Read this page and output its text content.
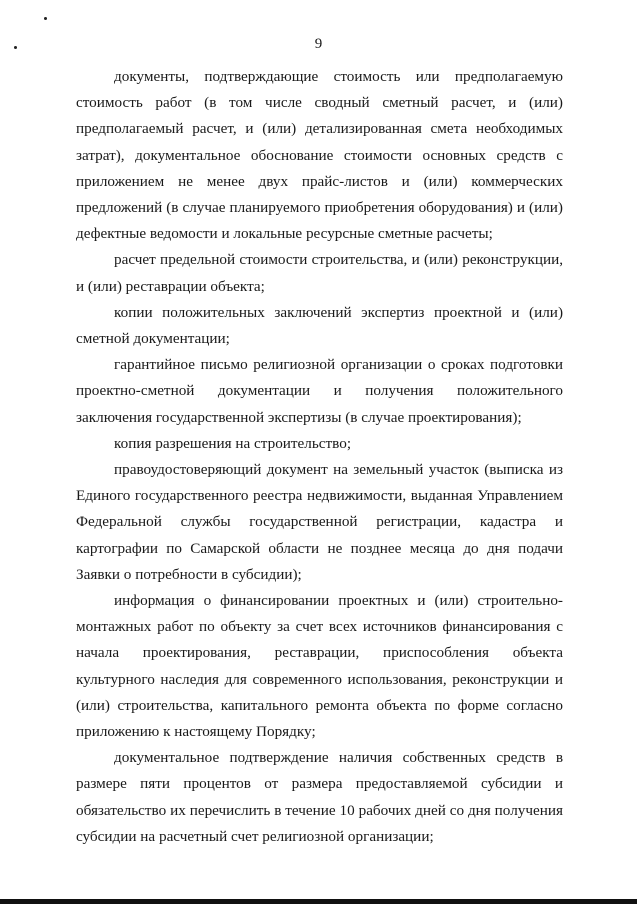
9

документы, подтверждающие стоимость или предполагаемую стоимость работ (в том числе сводный сметный расчет, и (или) предполагаемый расчет, и (или) детализированная смета необходимых затрат), документальное обоснование стоимости основных средств с приложением не менее двух прайс-листов и (или) коммерческих предложений (в случае планируемого приобретения оборудования) и (или) дефектные ведомости и локальные ресурсные сметные расчеты;

расчет предельной стоимости строительства, и (или) реконструкции, и (или) реставрации объекта;

копии положительных заключений экспертиз проектной и (или) сметной документации;

гарантийное письмо религиозной организации о сроках подготовки проектно-сметной документации и получения положительного заключения государственной экспертизы (в случае проектирования);

копия разрешения на строительство;

правоудостоверяющий документ на земельный участок (выписка из Единого государственного реестра недвижимости, выданная Управлением Федеральной службы государственной регистрации, кадастра и картографии по Самарской области не позднее месяца до дня подачи Заявки о потребности в субсидии);

информация о финансировании проектных и (или) строительно-монтажных работ по объекту за счет всех источников финансирования с начала проектирования, реставрации, приспособления объекта культурного наследия для современного использования, реконструкции и (или) строительства, капитального ремонта объекта по форме согласно приложению к настоящему Порядку;

документальное подтверждение наличия собственных средств в размере пяти процентов от размера предоставляемой субсидии и обязательство их перечислить в течение 10 рабочих дней со дня получения субсидии на расчетный счет религиозной организации;
